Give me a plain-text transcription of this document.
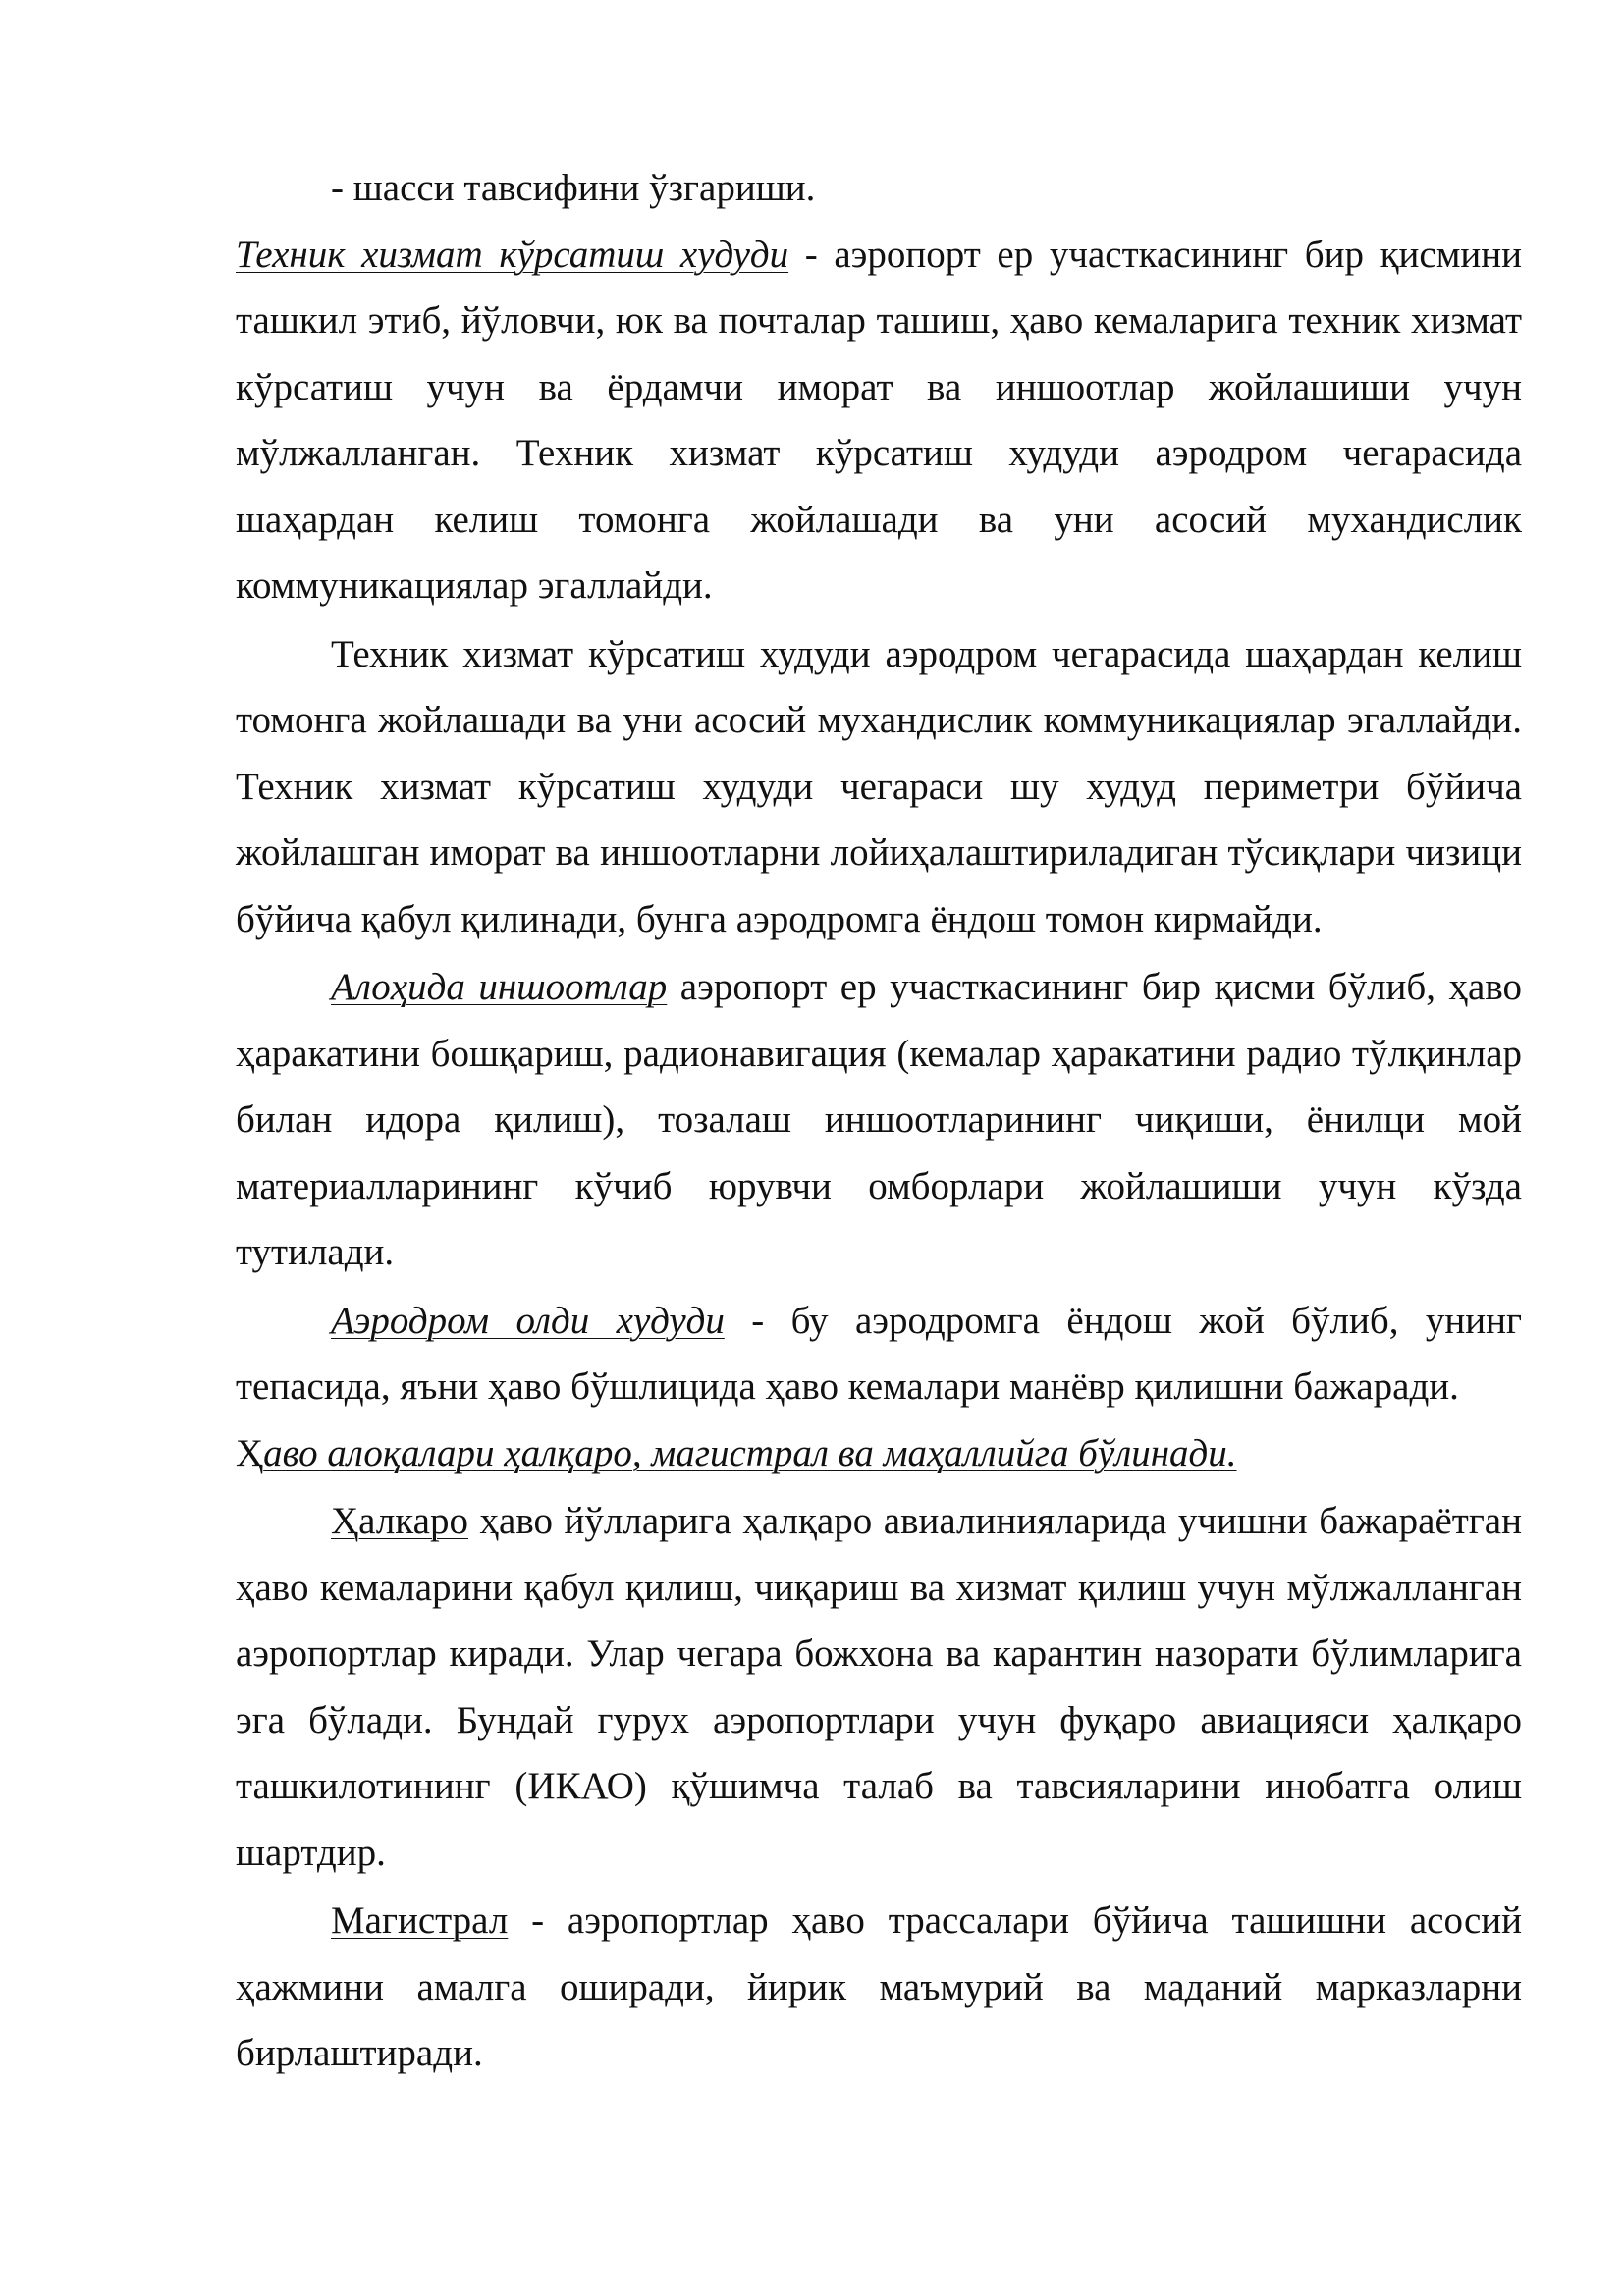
- шасси тавсифини ўзгариши.

Техник хизмат кўрсатиш худуди - аэропорт ер участкасининг бир қисмини ташкил этиб, йўловчи, юк ва почталар ташиш, ҳаво кемаларига техник хизмат кўрсатиш учун ва ёрдамчи иморат ва иншоотлар жойлашиши учун мўлжалланган. Техник хизмат кўрсатиш худуди аэродром чегарасида шаҳардан келиш томонга жойлашади ва уни асосий мухандислик коммуникациялар эгаллайди.

Техник хизмат кўрсатиш худуди аэродром чегарасида шаҳардан келиш томонга жойлашади ва уни асосий мухандислик коммуникациялар эгаллайди. Техник хизмат кўрсатиш худуди чегараси шу худуд периметри бўйича жойлашган иморат ва иншоотларни лойиҳалаштириладиган тўсиқлари чизици бўйича қабул қилинади, бунга аэродромга ёндош томон кирмайди.

Алоҳида иншоотлар аэропорт ер участкасининг бир қисми бўлиб, ҳаво ҳаракатини бошқариш, радионавигация (кемалар ҳаракатини радио тўлқинлар билан идора қилиш), тозалаш иншоотларининг чиқиши, ёнилци мой материалларининг кўчиб юрувчи омборлари жойлашиши учун кўзда тутилади.

Аэродром олди худуди - бу аэродромга ёндош жой бўлиб, унинг тепасида, яъни ҳаво бўшлицида ҳаво кемалари манёвр қилишни бажаради.

Ҳаво алоқалари ҳалқаро, магистрал ва маҳаллийга бўлинади.

Ҳалкаро ҳаво йўлларига ҳалқаро авиалинияларида учишни бажараётган ҳаво кемаларини қабул қилиш, чиқариш ва хизмат қилиш учун мўлжалланган аэропортлар киради. Улар чегара божхона ва карантин назорати бўлимларига эга бўлади. Бундай гурух аэропортлари учун фуқаро авиацияси ҳалқаро ташкилотининг (ИКАО) қўшимча талаб ва тавсияларини инобатга олиш шартдир.

Магистрал - аэропортлар ҳаво трассалари бўйича ташишни асосий ҳажмини амалга оширади, йирик маъмурий ва маданий марказларни бирлаштиради.
